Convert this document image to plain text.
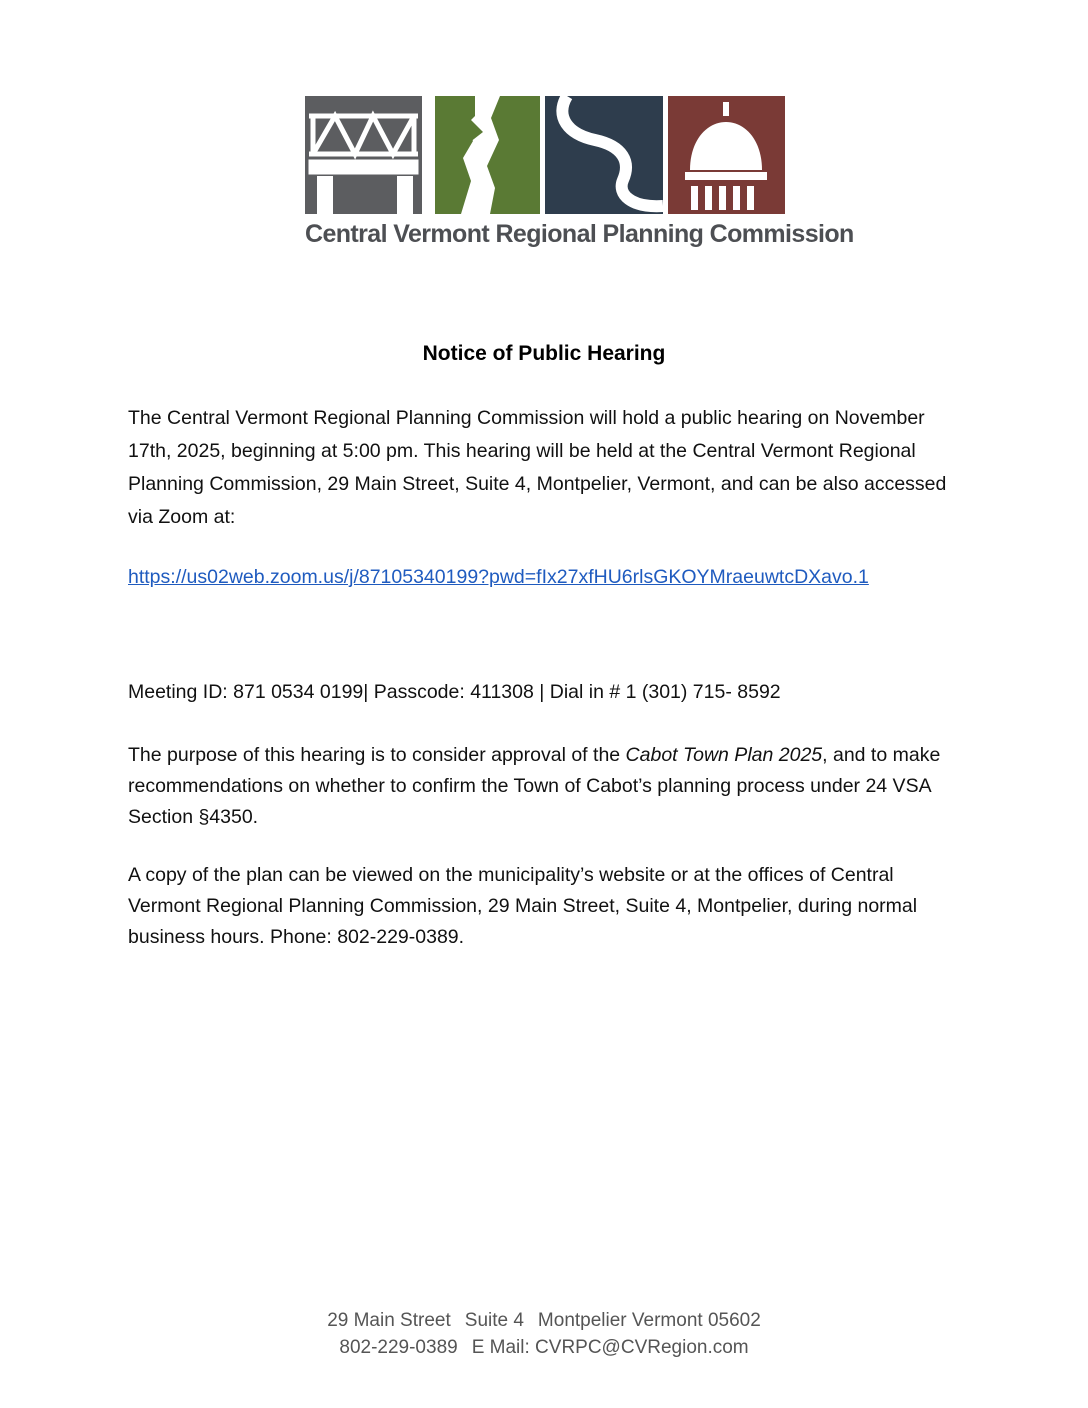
Central Vermont Regional Planning Commission
Notice of Public Hearing
The Central Vermont Regional Planning Commission will hold a public hearing on November 17th, 2025, beginning at 5:00 pm. This hearing will be held at the Central Vermont Regional Planning Commission, 29 Main Street, Suite 4, Montpelier, Vermont, and can be also accessed via Zoom at:
https://us02web.zoom.us/j/87105340199?pwd=fIx27xfHU6rlsGKOYMraeuwtcDXavo.1
Meeting ID: 871 0534 0199| Passcode: 411308 | Dial in # 1 (301) 715- 8592
The purpose of this hearing is to consider approval of the Cabot Town Plan 2025, and to make recommendations on whether to confirm the Town of Cabot’s planning process under 24 VSA Section §4350.
A copy of the plan can be viewed on the municipality’s website or at the offices of Central Vermont Regional Planning Commission, 29 Main Street, Suite 4, Montpelier, during normal business hours. Phone: 802-229-0389.
29 Main Street Suite 4 Montpelier Vermont 05602
802-229-0389 E Mail: CVRPC@CVRegion.com
